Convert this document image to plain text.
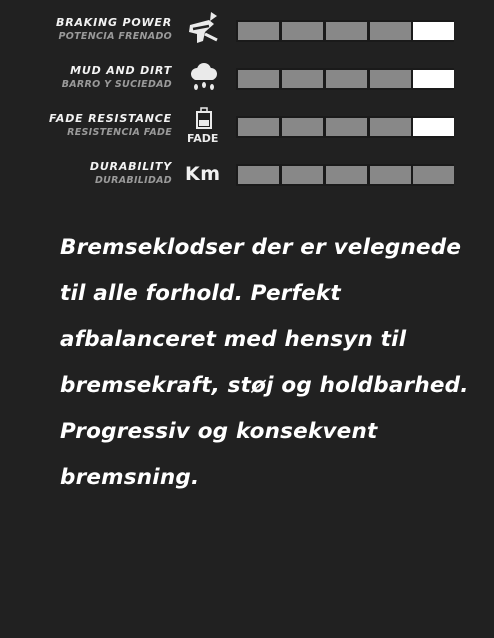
BRAKING POWER
POTENCIA FRENADO
MUD AND DIRT
BARRO Y SUCIEDAD
FADE RESISTANCE
RESISTENCIA FADE FADE
DURABILITY
DURABILIDAD Km
Bremseklodser der er velegnede
til alle forhold. Perfekt
afbalanceret med hensyn til
bremsekraft, støj og holdbarhed.
Progressiv og konsekvent
bremsning.
